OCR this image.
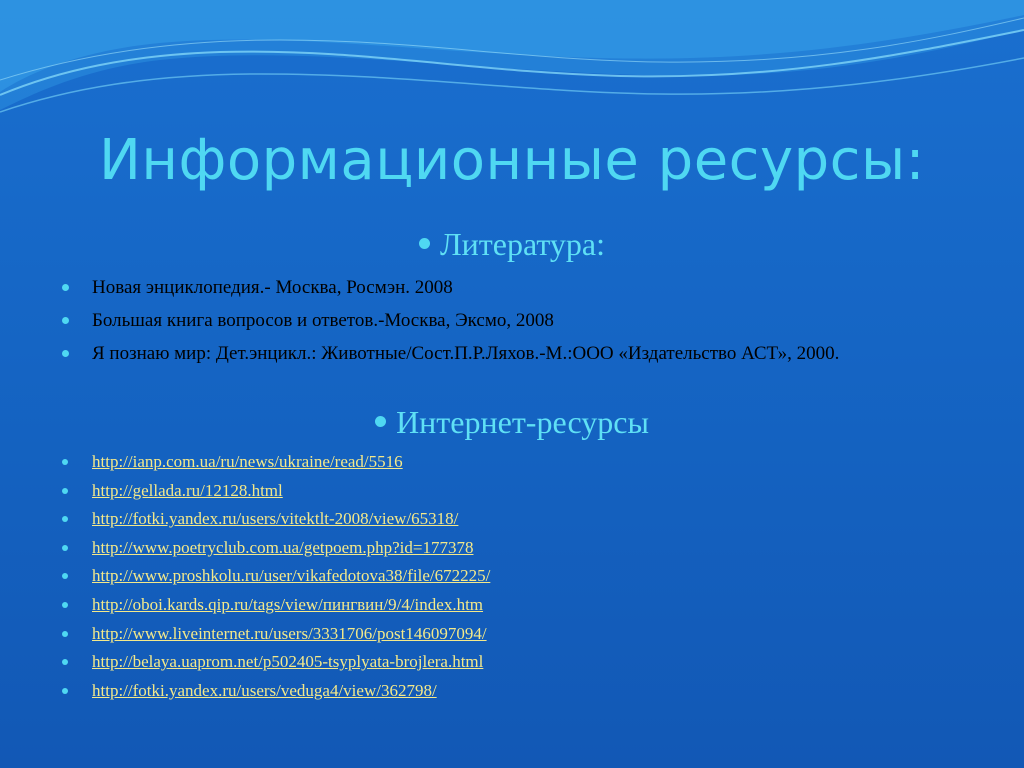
Информационные ресурсы:
Литература:
Новая энциклопедия.- Москва, Росмэн. 2008
Большая книга вопросов и ответов.-Москва, Эксмо, 2008
Я познаю мир: Дет.энцикл.: Животные/Сост.П.Р.Ляхов.-М.:ООО «Издательство АСТ», 2000.
Интернет-ресурсы
http://ianp.com.ua/ru/news/ukraine/read/5516
http://gellada.ru/12128.html
http://fotki.yandex.ru/users/vitektlt-2008/view/65318/
http://www.poetryclub.com.ua/getpoem.php?id=177378
http://www.proshkolu.ru/user/vikafedotova38/file/672225/
http://oboi.kards.qip.ru/tags/view/пингвин/9/4/index.htm
http://www.liveinternet.ru/users/3331706/post146097094/
http://belaya.uaprom.net/p502405-tsyplyata-brojlera.html
http://fotki.yandex.ru/users/veduga4/view/362798/
